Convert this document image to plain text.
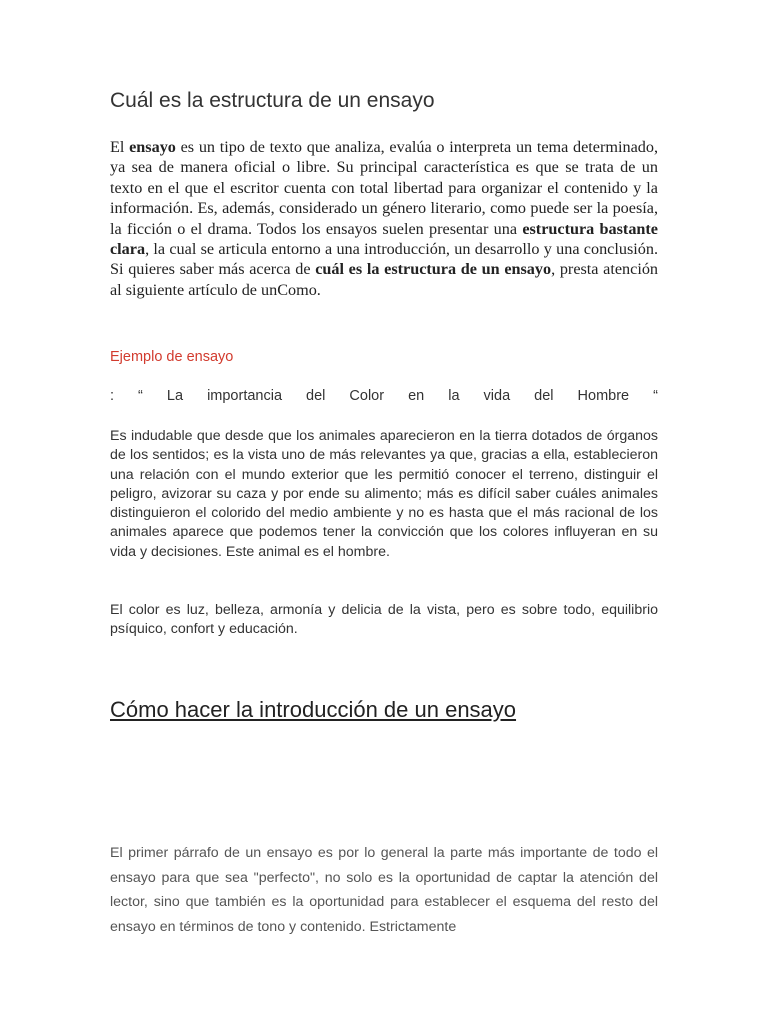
Cuál es la estructura de un ensayo

El ensayo es un tipo de texto que analiza, evalúa o interpreta un tema determinado, ya sea de manera oficial o libre. Su principal característica es que se trata de un texto en el que el escritor cuenta con total libertad para organizar el contenido y la información. Es, además, considerado un género literario, como puede ser la poesía, la ficción o el drama. Todos los ensayos suelen presentar una estructura bastante clara, la cual se articula entorno a una introducción, un desarrollo y una conclusión. Si quieres saber más acerca de cuál es la estructura de un ensayo, presta atención al siguiente artículo de unComo.

Ejemplo de ensayo

: “ La importancia del Color en la vida del Hombre “

Es indudable que desde que los animales aparecieron en la tierra dotados de órganos de los sentidos; es la vista uno de más relevantes ya que, gracias a ella, establecieron una relación con el mundo exterior que les permitió conocer el terreno, distinguir el peligro, avizorar su caza y por ende su alimento; más es difícil saber cuáles animales distinguieron el colorido del medio ambiente y no es hasta que el más racional de los animales aparece que podemos tener la convicción que los colores influyeran en su vida y decisiones. Este animal es el hombre.

El color es luz, belleza, armonía y delicia de la vista, pero es sobre todo, equilibrio psíquico, confort y educación.

Cómo hacer la introducción de un ensayo

El primer párrafo de un ensayo es por lo general la parte más importante de todo el ensayo para que sea "perfecto", no solo es la oportunidad de captar la atención del lector, sino que también es la oportunidad para establecer el esquema del resto del ensayo en términos de tono y contenido. Estrictamente
